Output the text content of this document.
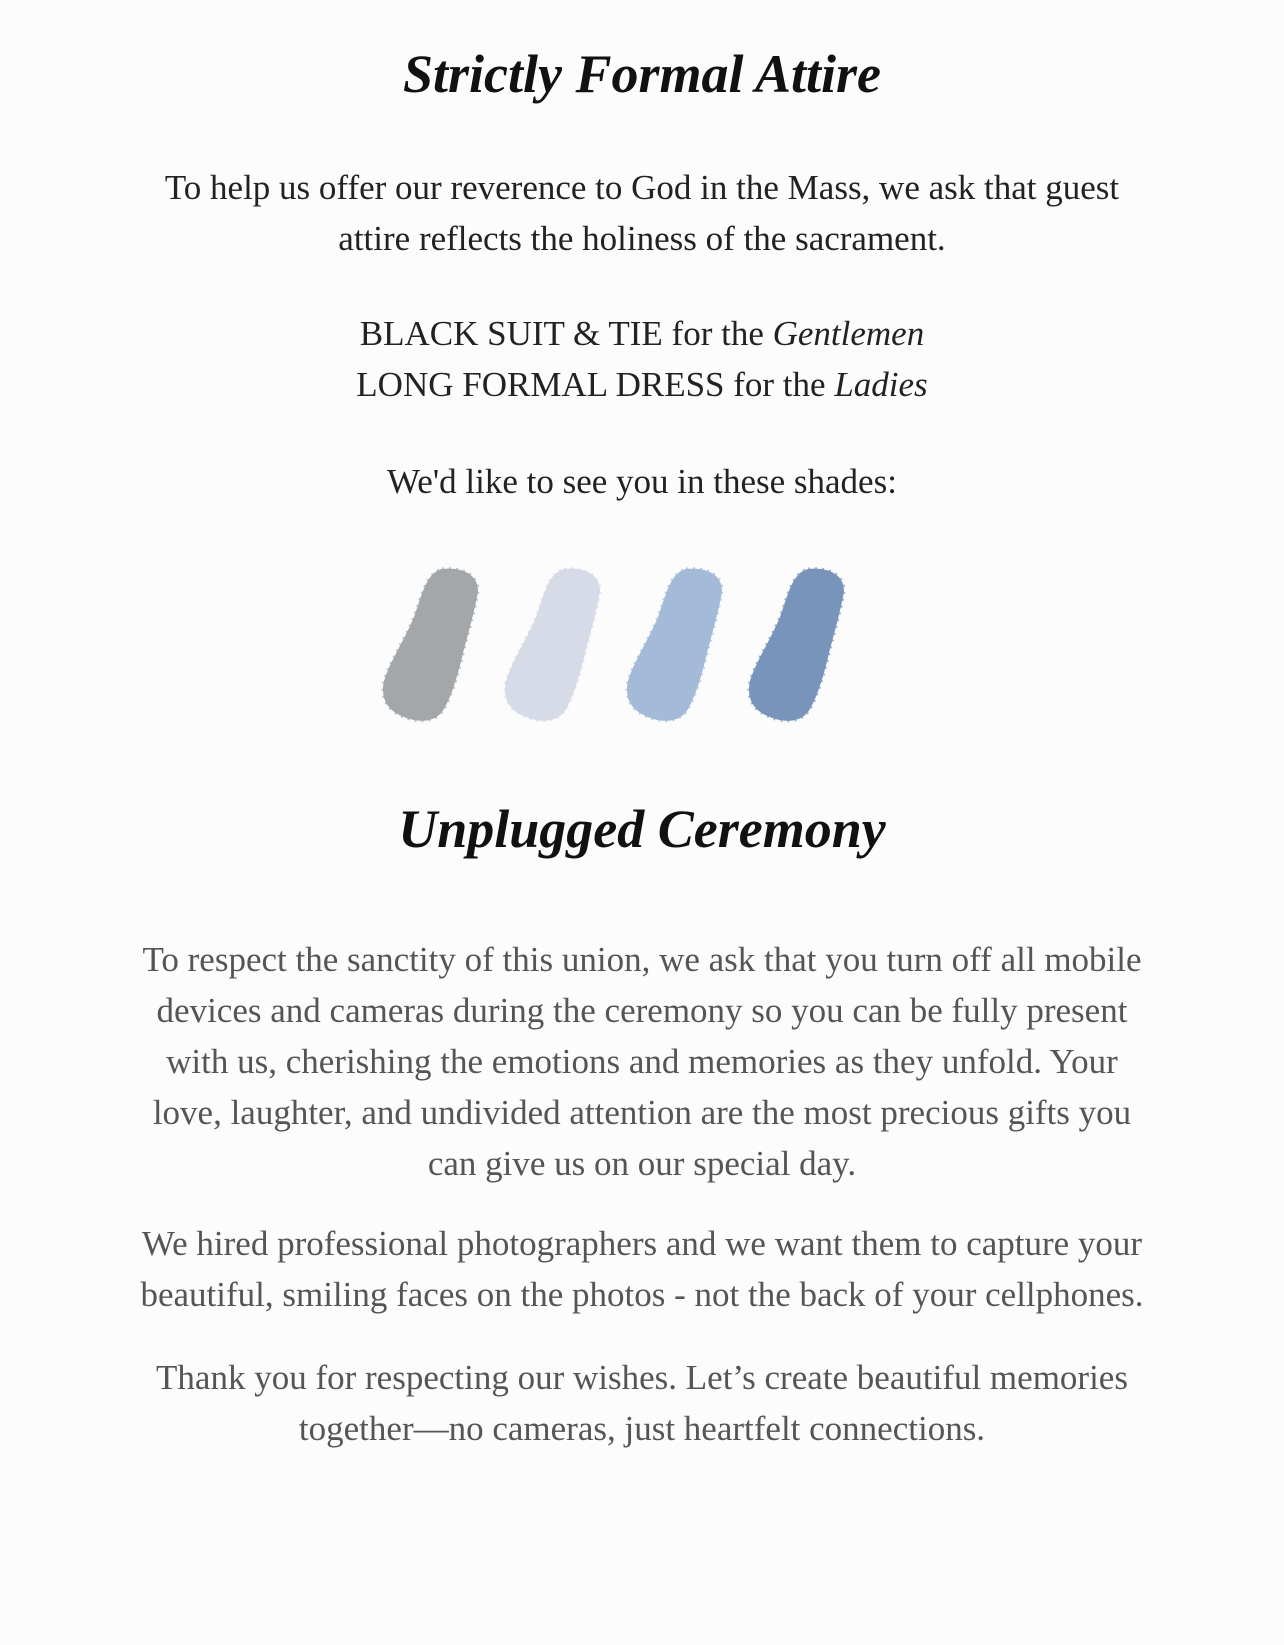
Strictly Formal Attire

To help us offer our reverence to God in the Mass, we ask that guest
attire reflects the holiness of the sacrament.

BLACK SUIT & TIE for the Gentlemen
LONG FORMAL DRESS for the Ladies

We'd like to see you in these shades:

Unplugged Ceremony

To respect the sanctity of this union, we ask that you turn off all mobile
devices and cameras during the ceremony so you can be fully present
with us, cherishing the emotions and memories as they unfold. Your
love, laughter, and undivided attention are the most precious gifts you
can give us on our special day.

We hired professional photographers and we want them to capture your
beautiful, smiling faces on the photos - not the back of your cellphones.

Thank you for respecting our wishes. Let’s create beautiful memories
together—no cameras, just heartfelt connections.
